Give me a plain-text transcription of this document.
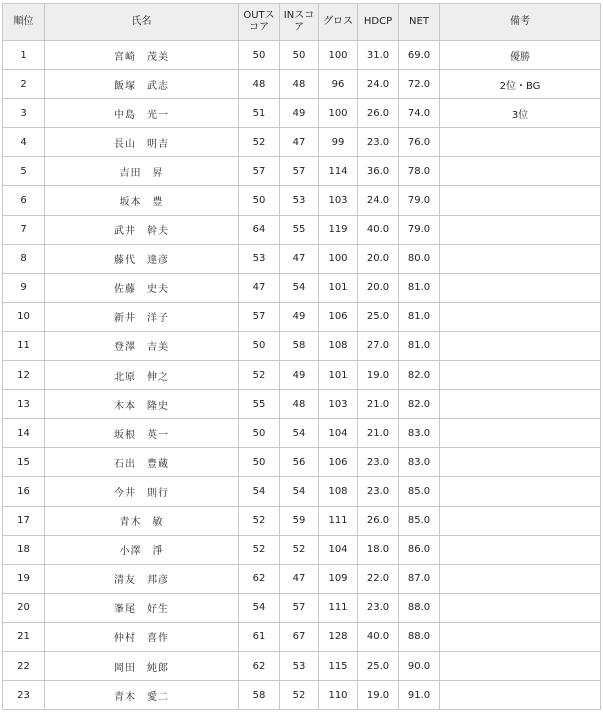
順位	氏名	OUTスコア	INスコア	グロス	HDCP	NET	備考
1	宮崎　茂美	50	50	100	31.0	69.0	優勝
2	飯塚　武志	48	48	96	24.0	72.0	2位・BG
3	中島　光一	51	49	100	26.0	74.0	3位
4	長山　明吉	52	47	99	23.0	76.0	
5	吉田　昇	57	57	114	36.0	78.0	
6	坂本　豊	50	53	103	24.0	79.0	
7	武井　幹夫	64	55	119	40.0	79.0	
8	藤代　達彦	53	47	100	20.0	80.0	
9	佐藤　史夫	47	54	101	20.0	81.0	
10	新井　洋子	57	49	106	25.0	81.0	
11	登澤　吉美	50	58	108	27.0	81.0	
12	北原　伸之	52	49	101	19.0	82.0	
13	木本　隆史	55	48	103	21.0	82.0	
14	坂根　英一	50	54	104	21.0	83.0	
15	石出　豊蔵	50	56	106	23.0	83.0	
16	今井　則行	54	54	108	23.0	85.0	
17	青木　敏	52	59	111	26.0	85.0	
18	小澤　淨	52	52	104	18.0	86.0	
19	清友　邦彦	62	47	109	22.0	87.0	
20	峯尾　好生	54	57	111	23.0	88.0	
21	仲村　喜作	61	67	128	40.0	88.0	
22	岡田　純郎	62	53	115	25.0	90.0	
23	青木　愛二	58	52	110	19.0	91.0	
